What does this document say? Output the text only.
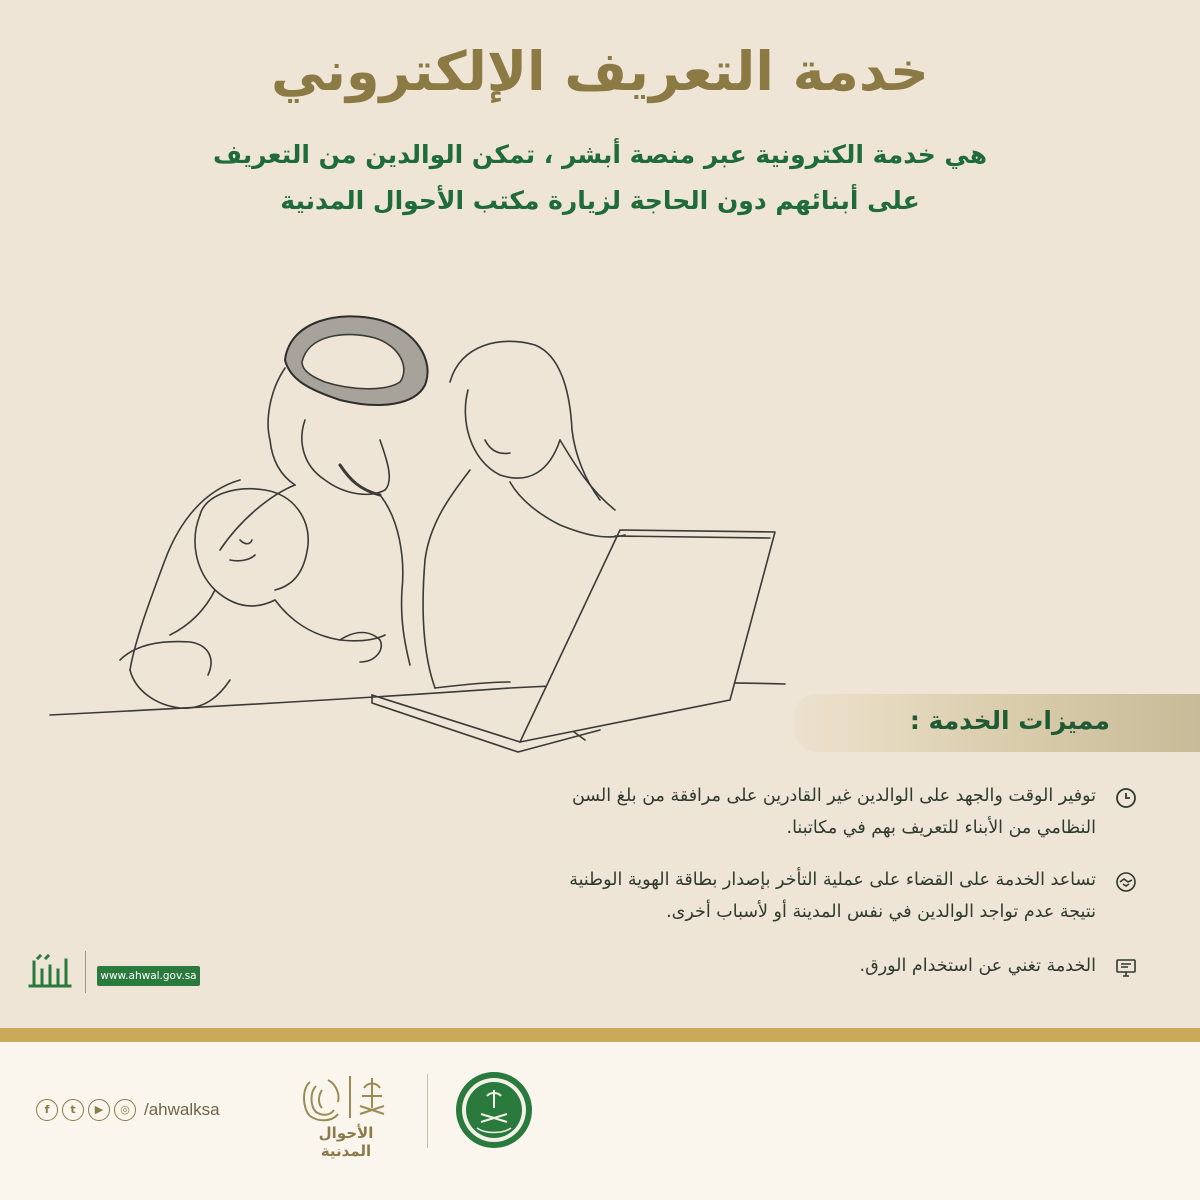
خدمة التعريف الإلكتروني
هي خدمة الكترونية عبر منصة أبشر ، تمكن الوالدين من التعريف
على أبنائهم دون الحاجة لزيارة مكتب الأحوال المدنية
مميزات الخدمة :
توفير الوقت والجهد على الوالدين غير القادرين على مرافقة من بلغ السن النظامي من الأبناء للتعريف بهم في مكاتبنا.
تساعد الخدمة على القضاء على عملية التأخر بإصدار بطاقة الهوية الوطنية نتيجة عدم تواجد الوالدين في نفس المدينة أو لأسباب أخرى.
الخدمة تغني عن استخدام الورق.
www.ahwal.gov.sa
f	t	▶	◎ /ahwalksa
الأحوال المدنية
